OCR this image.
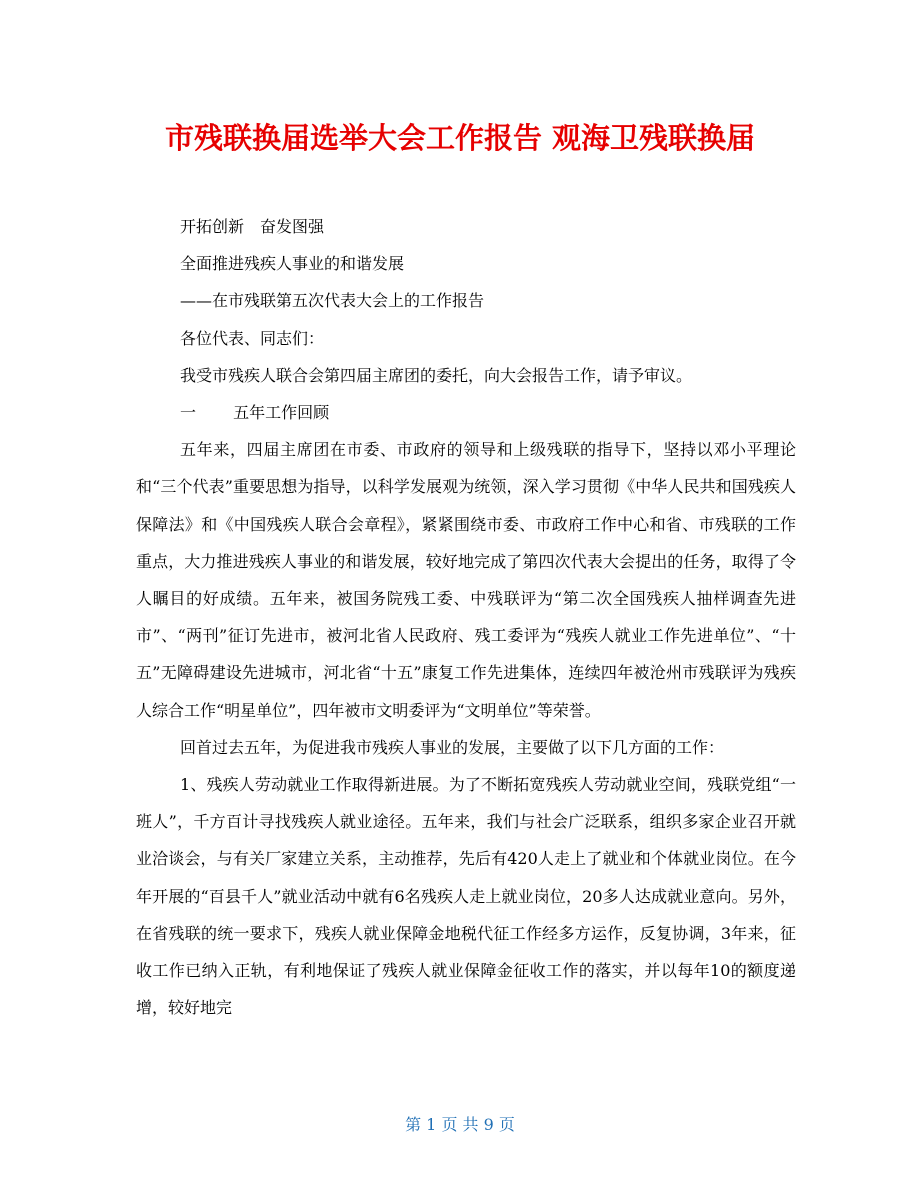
市残联换届选举大会工作报告 观海卫残联换届
开拓创新　奋发图强
全面推进残疾人事业的和谐发展
——在市残联第五次代表大会上的工作报告
各位代表、同志们：
我受市残疾人联合会第四届主席团的委托，向大会报告工作，请予审议。
一　　 五年工作回顾

五年来，四届主席团在市委、市政府的领导和上级残联的指导下，坚持以邓小平理论和“三个代表”重要思想为指导，以科学发展观为统领，深入学习贯彻《中华人民共和国残疾人保障法》和《中国残疾人联合会章程》，紧紧围绕市委、市政府工作中心和省、市残联的工作重点，大力推进残疾人事业的和谐发展，较好地完成了第四次代表大会提出的任务，取得了令人瞩目的好成绩。五年来，被国务院残工委、中残联评为“第二次全国残疾人抽样调查先进市”、“两刊”征订先进市，被河北省人民政府、残工委评为“残疾人就业工作先进单位”、“十五”无障碍建设先进城市，河北省“十五”康复工作先进集体，连续四年被沧州市残联评为残疾人综合工作“明星单位”，四年被市文明委评为“文明单位”等荣誉。

回首过去五年，为促进我市残疾人事业的发展，主要做了以下几方面的工作：

1、残疾人劳动就业工作取得新进展。为了不断拓宽残疾人劳动就业空间，残联党组“一班人”，千方百计寻找残疾人就业途径。五年来，我们与社会广泛联系，组织多家企业召开就业洽谈会，与有关厂家建立关系，主动推荐，先后有420人走上了就业和个体就业岗位。在今年开展的“百县千人”就业活动中就有6名残疾人走上就业岗位，20多人达成就业意向。另外，在省残联的统一要求下，残疾人就业保障金地税代征工作经多方运作，反复协调，3年来，征收工作已纳入正轨，有利地保证了残疾人就业保障金征收工作的落实，并以每年10的额度递增，较好地完

第 1 页 共 9 页
